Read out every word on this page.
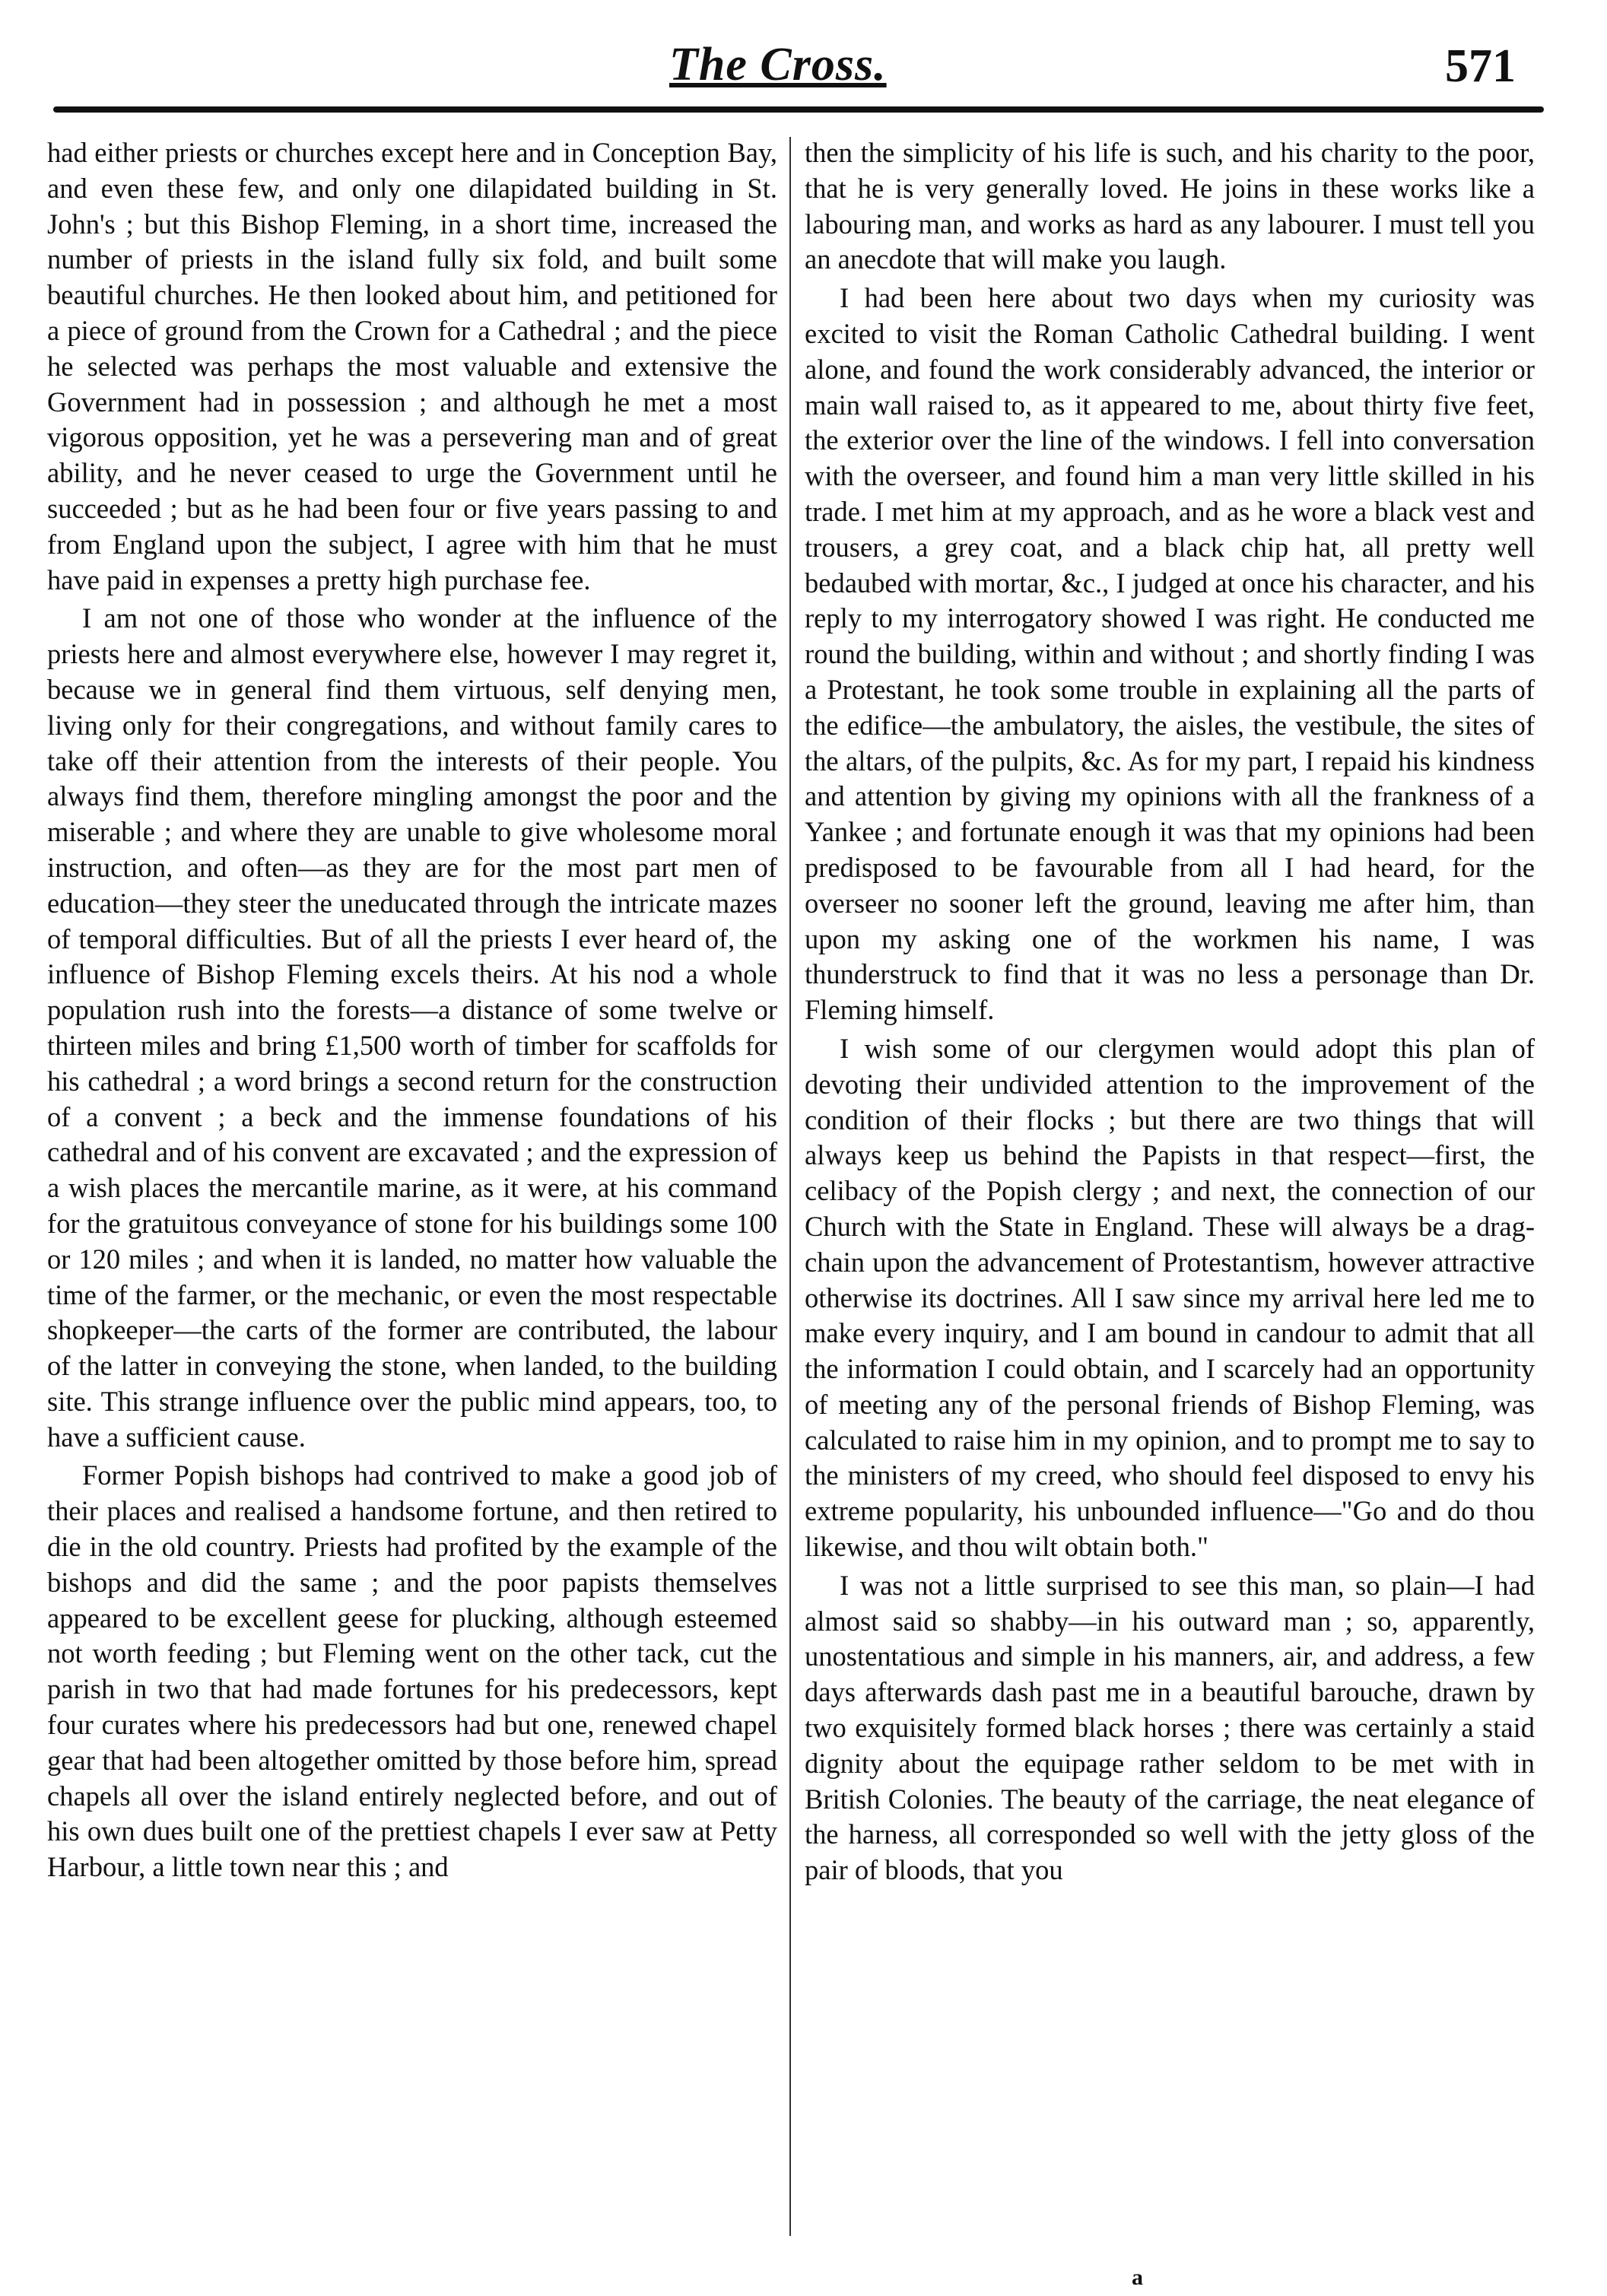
The Cross.	571

had either priests or churches except here and in Conception Bay, and even these few, and only one dilapidated building in St. John's ; but this Bishop Fleming, in a short time, increased the number of priests in the island fully six fold, and built some beautiful churches. He then looked about him, and petitioned for a piece of ground from the Crown for a Cathedral ; and the piece he selected was perhaps the most valuable and extensive the Government had in possession ; and although he met a most vigorous opposition, yet he was a persevering man and of great ability, and he never ceased to urge the Government until he succeeded ; but as he had been four or five years passing to and from England upon the subject, I agree with him that he must have paid in expenses a pretty high purchase fee.

I am not one of those who wonder at the influence of the priests here and almost everywhere else, however I may regret it, because we in general find them virtuous, self denying men, living only for their congregations, and without family cares to take off their attention from the interests of their people. You always find them, therefore mingling amongst the poor and the miserable ; and where they are unable to give wholesome moral instruction, and often—as they are for the most part men of education—they steer the uneducated through the intricate mazes of temporal difficulties. But of all the priests I ever heard of, the influence of Bishop Fleming excels theirs. At his nod a whole population rush into the forests—a distance of some twelve or thirteen miles and bring £1,500 worth of timber for scaffolds for his cathedral ; a word brings a second return for the construction of a convent ; a beck and the immense foundations of his cathedral and of his convent are excavated ; and the expression of a wish places the mercantile marine, as it were, at his command for the gratuitous conveyance of stone for his buildings some 100 or 120 miles ; and when it is landed, no matter how valuable the time of the farmer, or the mechanic, or even the most respectable shopkeeper—the carts of the former are contributed, the labour of the latter in conveying the stone, when landed, to the building site. This strange influence over the public mind appears, too, to have a sufficient cause.

Former Popish bishops had contrived to make a good job of their places and realised a handsome fortune, and then retired to die in the old country. Priests had profited by the example of the bishops and did the same ; and the poor papists themselves appeared to be excellent geese for plucking, although esteemed not worth feeding ; but Fleming went on the other tack, cut the parish in two that had made fortunes for his predecessors, kept four curates where his predecessors had but one, renewed chapel gear that had been altogether omitted by those before him, spread chapels all over the island entirely neglected before, and out of his own dues built one of the prettiest chapels I ever saw at Petty Harbour, a little town near this ; and

then the simplicity of his life is such, and his charity to the poor, that he is very generally loved. He joins in these works like a labouring man, and works as hard as any labourer. I must tell you an anecdote that will make you laugh.

I had been here about two days when my curiosity was excited to visit the Roman Catholic Cathedral building. I went alone, and found the work considerably advanced, the interior or main wall raised to, as it appeared to me, about thirty five feet, the exterior over the line of the windows. I fell into conversation with the overseer, and found him a man very little skilled in his trade. I met him at my approach, and as he wore a black vest and trousers, a grey coat, and a black chip hat, all pretty well bedaubed with mortar, &c., I judged at once his character, and his reply to my interrogatory showed I was right. He conducted me round the building, within and without ; and shortly finding I was a Protestant, he took some trouble in explaining all the parts of the edifice—the ambulatory, the aisles, the vestibule, the sites of the altars, of the pulpits, &c. As for my part, I repaid his kindness and attention by giving my opinions with all the frankness of a Yankee ; and fortunate enough it was that my opinions had been predisposed to be favourable from all I had heard, for the overseer no sooner left the ground, leaving me after him, than upon my asking one of the workmen his name, I was thunderstruck to find that it was no less a personage than Dr. Fleming himself.

I wish some of our clergymen would adopt this plan of devoting their undivided attention to the improvement of the condition of their flocks ; but there are two things that will always keep us behind the Papists in that respect—first, the celibacy of the Popish clergy ; and next, the connection of our Church with the State in England. These will always be a drag-chain upon the advancement of Protestantism, however attractive otherwise its doctrines. All I saw since my arrival here led me to make every inquiry, and I am bound in candour to admit that all the information I could obtain, and I scarcely had an opportunity of meeting any of the personal friends of Bishop Fleming, was calculated to raise him in my opinion, and to prompt me to say to the ministers of my creed, who should feel disposed to envy his extreme popularity, his unbounded influence—"Go and do thou likewise, and thou wilt obtain both."

I was not a little surprised to see this man, so plain—I had almost said so shabby—in his outward man ; so, apparently, unostentatious and simple in his manners, air, and address, a few days afterwards dash past me in a beautiful barouche, drawn by two exquisitely formed black horses ; there was certainly a staid dignity about the equipage rather seldom to be met with in British Colonies. The beauty of the carriage, the neat elegance of the harness, all corresponded so well with the jetty gloss of the pair of bloods, that you

a
